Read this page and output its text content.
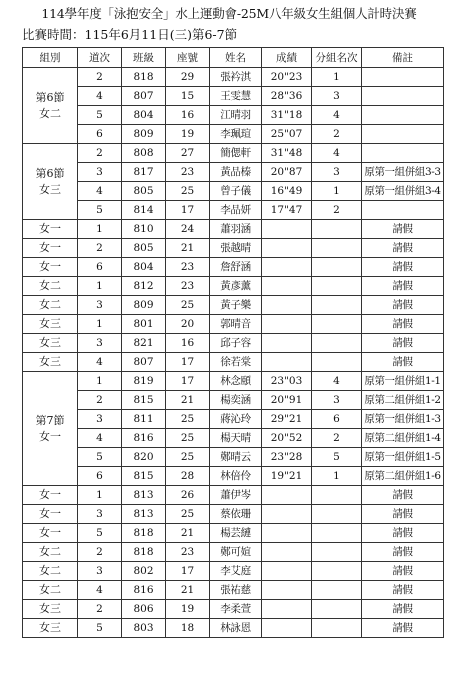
114學年度「泳抱安全」水上運動會-25M八年級女生組個人計時決賽
比賽時間：115年6月11日(三)第6-7節
組別	道次	班級	座號	姓名	成績	分組名次	備註
第6節
女二	2	818	29	張衿淇	20"23	1	
	4	807	15	王雯慧	28"36	3	
	5	804	16	江晴羽	31"18	4	
	6	809	19	李珮瑄	25"07	2	
第6節
女三	2	808	27	簡偲軒	31"48	4	
	3	817	23	黃品榛	20"87	3	原第一組併組3-3
	4	805	25	曾子儀	16"49	1	原第一組併組3-4
	5	814	17	李品妍	17"47	2	
女一	1	810	24	蕭羽涵			請假
女一	2	805	21	張越晴			請假
女一	6	804	23	詹舒涵			請假
女二	1	812	23	黃彥薰			請假
女二	3	809	25	黃子樂			請假
女三	1	801	20	郭晴音			請假
女三	3	821	16	邱子容			請假
女三	4	807	17	徐若棠			請假
第7節
女一	1	819	17	林念頤	23"03	4	原第一組併組1-1
	2	815	21	楊奕涵	20"91	3	原第二組併組1-2
	3	811	25	蔣沁玲	29"21	6	原第一組併組1-3
	4	816	25	楊天晴	20"52	2	原第二組併組1-4
	5	820	25	鄭晴云	23"28	5	原第一組併組1-5
	6	815	28	林倍伶	19"21	1	原第二組併組1-6
女一	1	813	26	蕭伊岑			請假
女一	3	813	25	蔡依珊			請假
女一	5	818	21	楊芸縺			請假
女二	2	818	23	鄭可媗			請假
女二	3	802	17	李艾庭			請假
女二	4	816	21	張祐慈			請假
女三	2	806	19	李柔萱			請假
女三	5	803	18	林詠恩			請假
